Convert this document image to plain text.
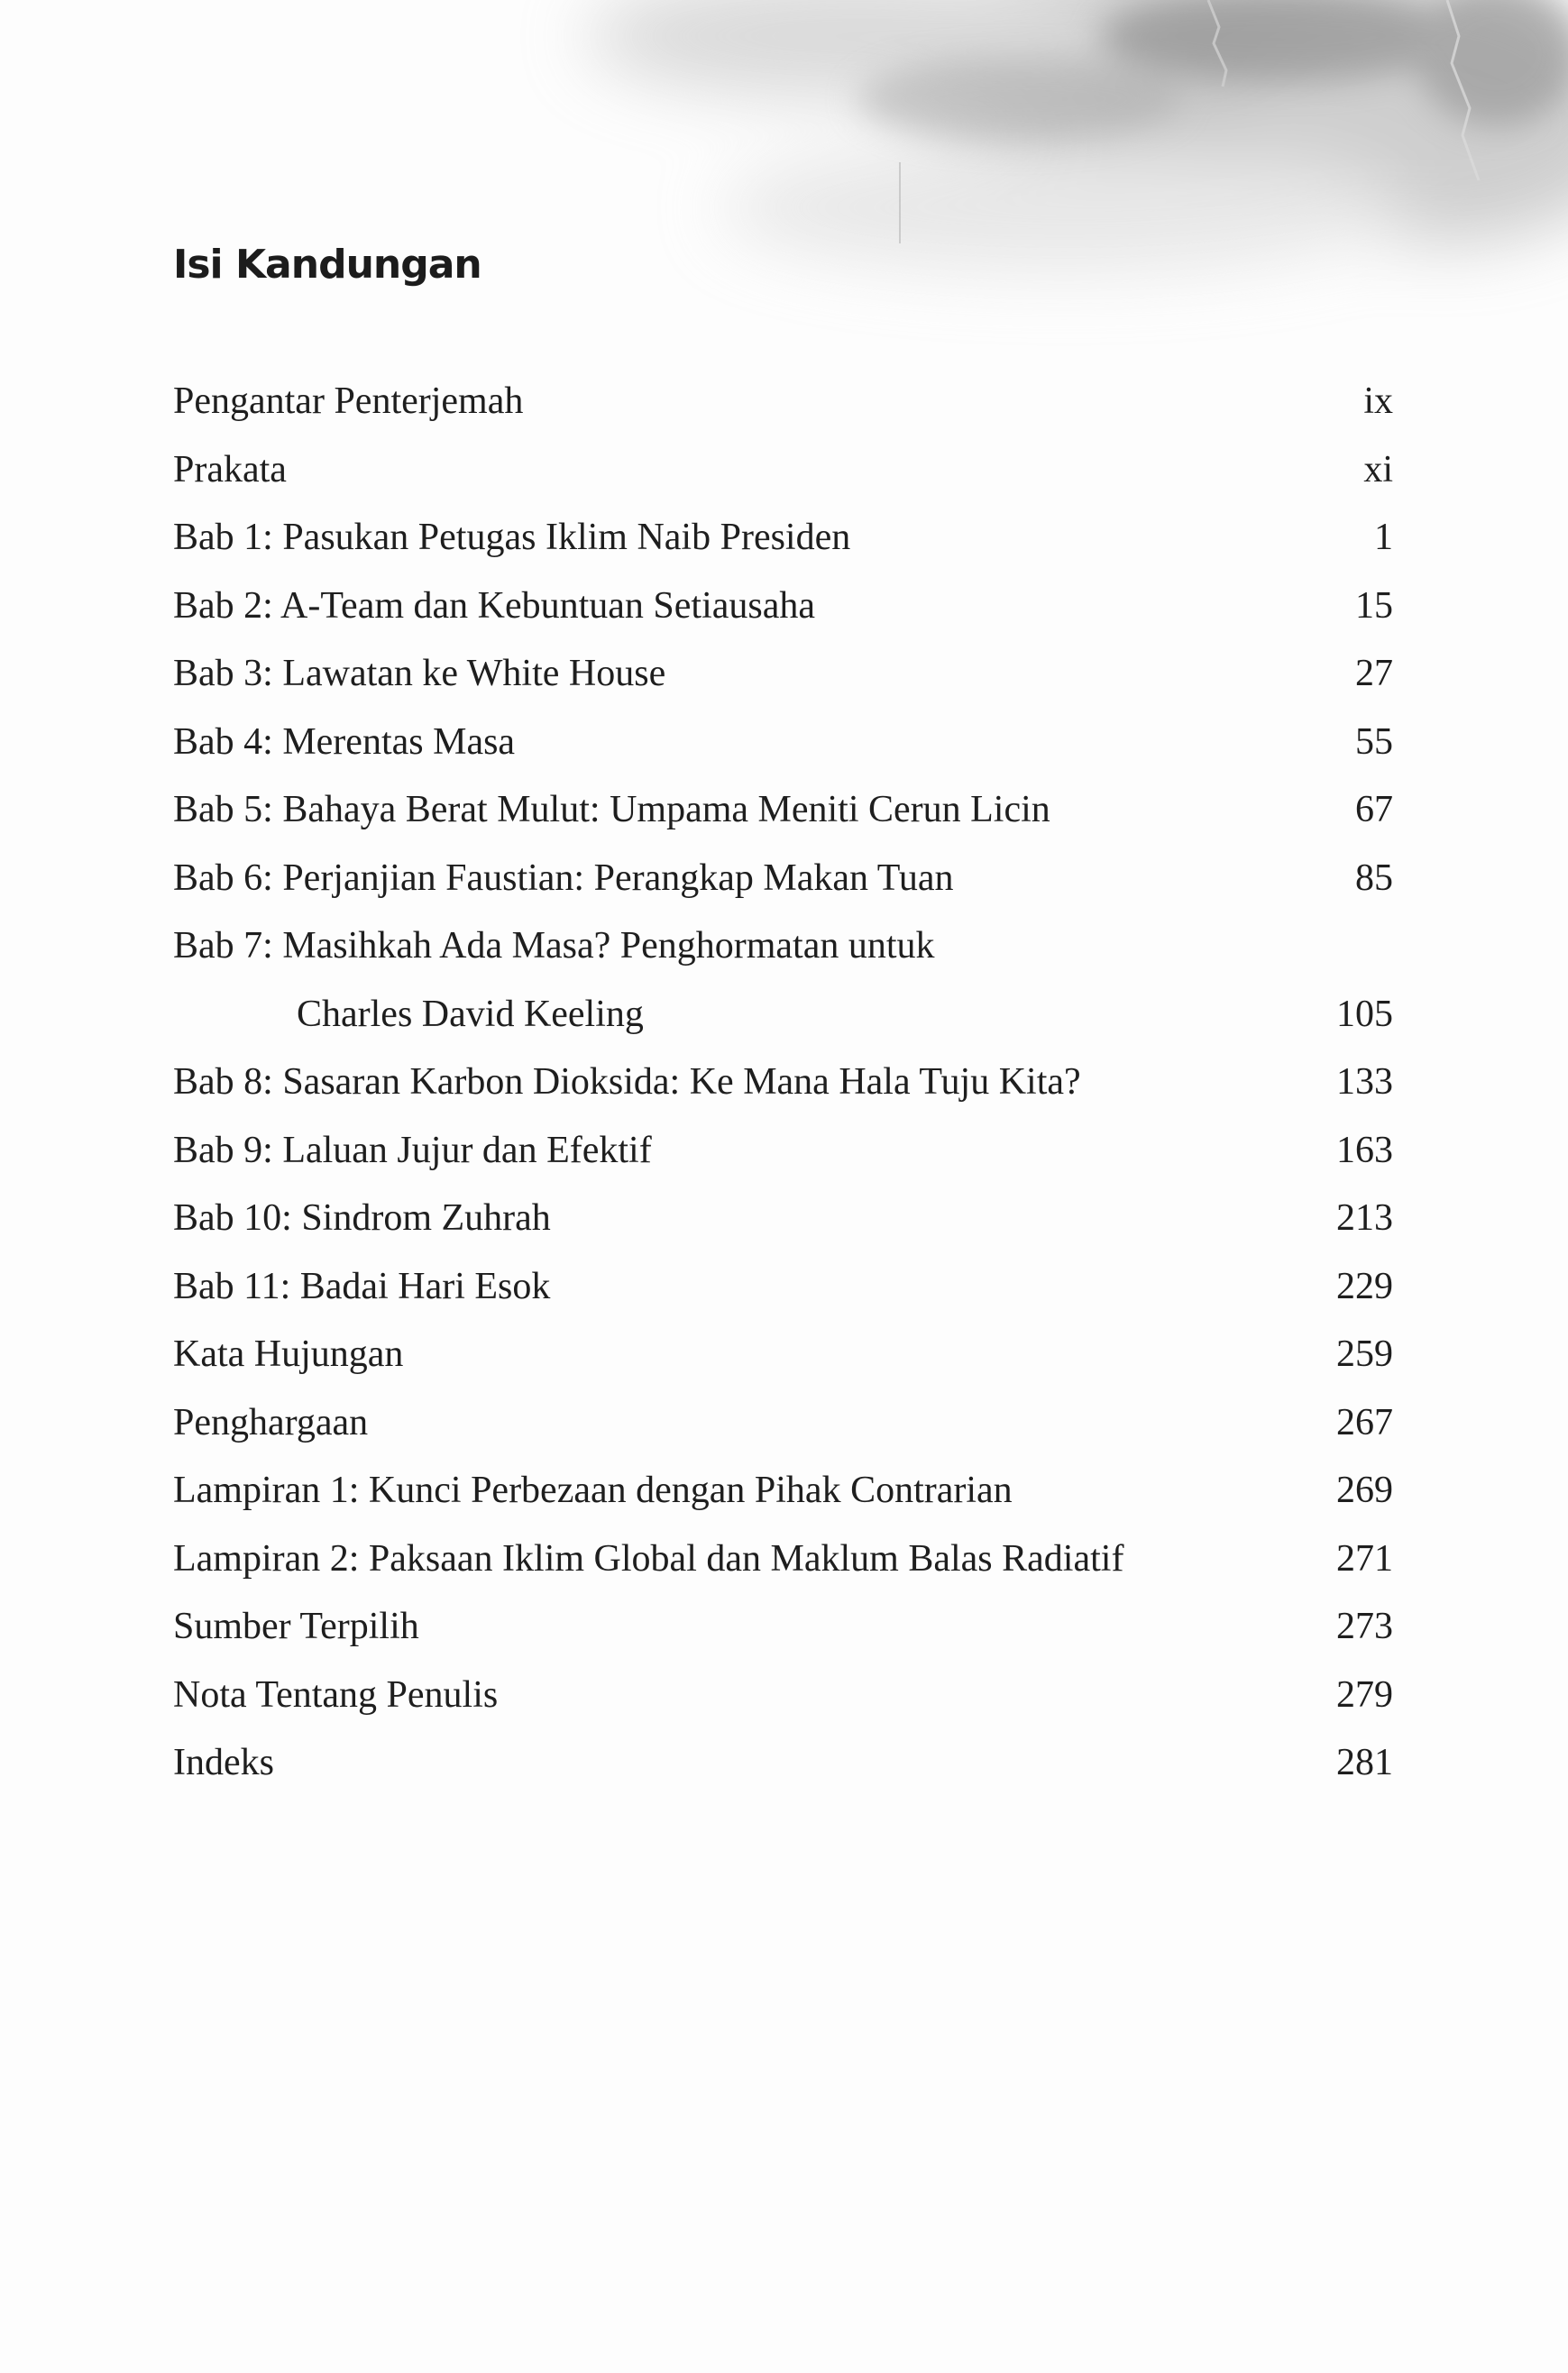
Isi Kandungan
Pengantar Penterjemah	ix
Prakata	xi
Bab 1: Pasukan Petugas Iklim Naib Presiden	1
Bab 2: A-Team dan Kebuntuan Setiausaha	15
Bab 3: Lawatan ke White House	27
Bab 4: Merentas Masa	55
Bab 5: Bahaya Berat Mulut: Umpama Meniti Cerun Licin	67
Bab 6: Perjanjian Faustian: Perangkap Makan Tuan	85
Bab 7: Masihkah Ada Masa? Penghormatan untuk
Charles David Keeling	105
Bab 8: Sasaran Karbon Dioksida: Ke Mana Hala Tuju Kita?	133
Bab 9: Laluan Jujur dan Efektif	163
Bab 10: Sindrom Zuhrah	213
Bab 11: Badai Hari Esok	229
Kata Hujungan	259
Penghargaan	267
Lampiran 1: Kunci Perbezaan dengan Pihak Contrarian	269
Lampiran 2: Paksaan Iklim Global dan Maklum Balas Radiatif	271
Sumber Terpilih	273
Nota Tentang Penulis	279
Indeks	281
